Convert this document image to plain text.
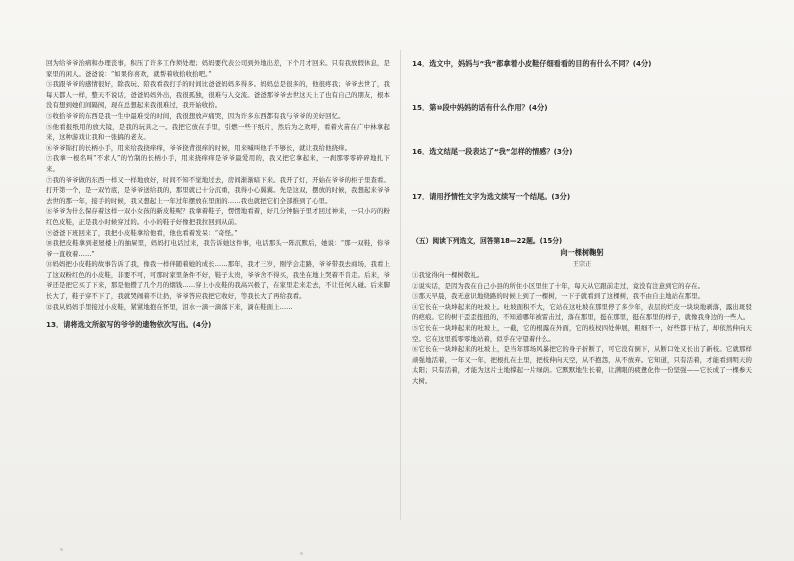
回为给爷爷治病和办理丧事，积压了许多工作须处理；妈妈要代表公司到外地出差，下个月才回来。只有我放假休息，是家里的闲人。爸爸说：“如果你喜欢，就帮着收拾收拾吧。”

③我跟爷爷的感情很好，除我玩、陪我看我打手的时间比爸爸妈妈多得多。妈妈总是很多的，他很疼我；爷爷去世了，我每天都人一样，整天不说话，爸爸妈妈外出，我很孤独，很难与人交流。爸爸那爷爷去世这天上了也有自己的朋友，根本没有想到她们间隔阂，现在总想起来我很难过，我开始收拾。

③收拾爷爷的东西是我一生中最难受的时间，我很想放声痛哭，因为许多东西都有我与爷爷的美好回忆。

⑤他看报纸用的放大镜，是我的玩具之一。我把它放在手里，引燃一些干纸片，然后为之欢呼，看着火苗在广中林拿起来，这种游戏让我和一张搞的老友。

⑥爷爷锦打的长柄小手，用来给我挠痒痒，爷爷挠背很痒的时候，用来喊叫他手不够长，就让我给他挠痒。

⑦我拿一根名叫“不求人”的竹制的长柄小手，用来挠痒痒是爷爷最爱用的，我又把它拿起来，一刹那零零碎碎地扎下来。

⑦我的爷爷做的东西一样又一样地放好，时间不知不觉地过去，房间渐渐暗下来。我开了灯，开始在爷爷的柜子里查看。打开第一个，是一双竹底，是爷爷送给我的，那里就已十分沉重，我得小心翼翼。先是这双，摆放的时候，我想起来爷爷去世的那一年，接手的时候，我又想起上一年过年摆放在里面的……我也就把它们全部推到了心里。

⑧爷爷为什么保存着这样一双小女孩的新皮鞋呢？我拿着鞋子，愣愣地看着，好几分钟脑子里才回过神来，一只小巧的粉红色皮鞋，正是我小时候穿过的。小小的鞋子好像把我拉回到从前。

⑨爸爸下班回来了，我把小皮鞋拿给他看，他也看着发呆：“奇怪。”

⑩我把皮鞋拿到老屋楼上的抽屉里，妈妈打电话过来，我告诉她这件事，电话那头一阵沉默后，她说：“那一双鞋，你爷爷一直收着……”

⑪妈妈把小皮鞋的故事告诉了我，像我一样伴随着她的成长……那年，我才三岁，刚学会走路，爷爷带我去商场，我看上了这双粉红色的小皮鞋，非要不可，可那时家里条件不好，鞋子太贵，爷爷舍不得买，我坐在地上哭着不肯走。后来，爷爷还是把它买了下来，那是他攒了几个月的烟钱……穿上小皮鞋的我高兴极了，在家里走来走去，不让任何人碰。后来脚长大了，鞋子穿不下了，我就哭闹着不让扔，爷爷答应我把它收好，等我长大了再给我看。

⑫我从妈妈手里接过小皮鞋，紧紧地抱在怀里，泪水一滴一滴落下来，滴在鞋面上……

13．请将选文所叙写的爷爷的遗物依次写出。(4分)

14．选文中，妈妈与“我”都拿着小皮鞋仔细看看的目的有什么不同？(4分)

15．第⑩段中妈妈的话有什么作用？(4分)

16．选文结尾一段表达了“我”怎样的情感？(3分)

17．请用抒情性文字为选文续写一个结尾。(3分)

（五）阅读下列选文，回答第18—22题。(15分)

向一棵树鞠躬

王宗正

①我觉得向一棵树敬礼。

②说实话，是因为我在自己小县的所住小区里住了十年，每天从它跟前走过，竟没有注意到它的存在。

③那天早晨，我无意识地绕路的时候上到了一棵树，一下子就看到了这棵树，我不由自主地站在那里。

④它长在一块坤起来的吐坡上。吐坡面积不大，它站在这吐坡在那里停了多少年，表层的烂皮一块块地剥落，露出斑驳的疤痕。它的树干歪歪扭扭的，不知道哪年被雷击过，落在那里，挺在那里，挺在那里的样子，就像我身边的一些人。

⑤它长在一块坤起来的吐坡上，一截，它的根露在外面，它的枝杈四处伸展，粗细不一，好些都干枯了，却依然伸向天空。它在这里孤零零地站着，似乎在守望着什么。

⑥它长在一块坤起来的吐坡上，是当年那场风暴把它的身子折断了，可它没有倒下，从断口处又长出了新枝。它就那样顽强地活着，一年又一年，把根扎在土里，把枝伸向天空，从不抱怨，从不放弃。它知道，只有活着，才能看到明天的太阳；只有活着，才能为这片土地撑起一片绿荫。它默默地生长着，让满眼的疲惫化作一份坚强——它长成了一棵参天大树。
